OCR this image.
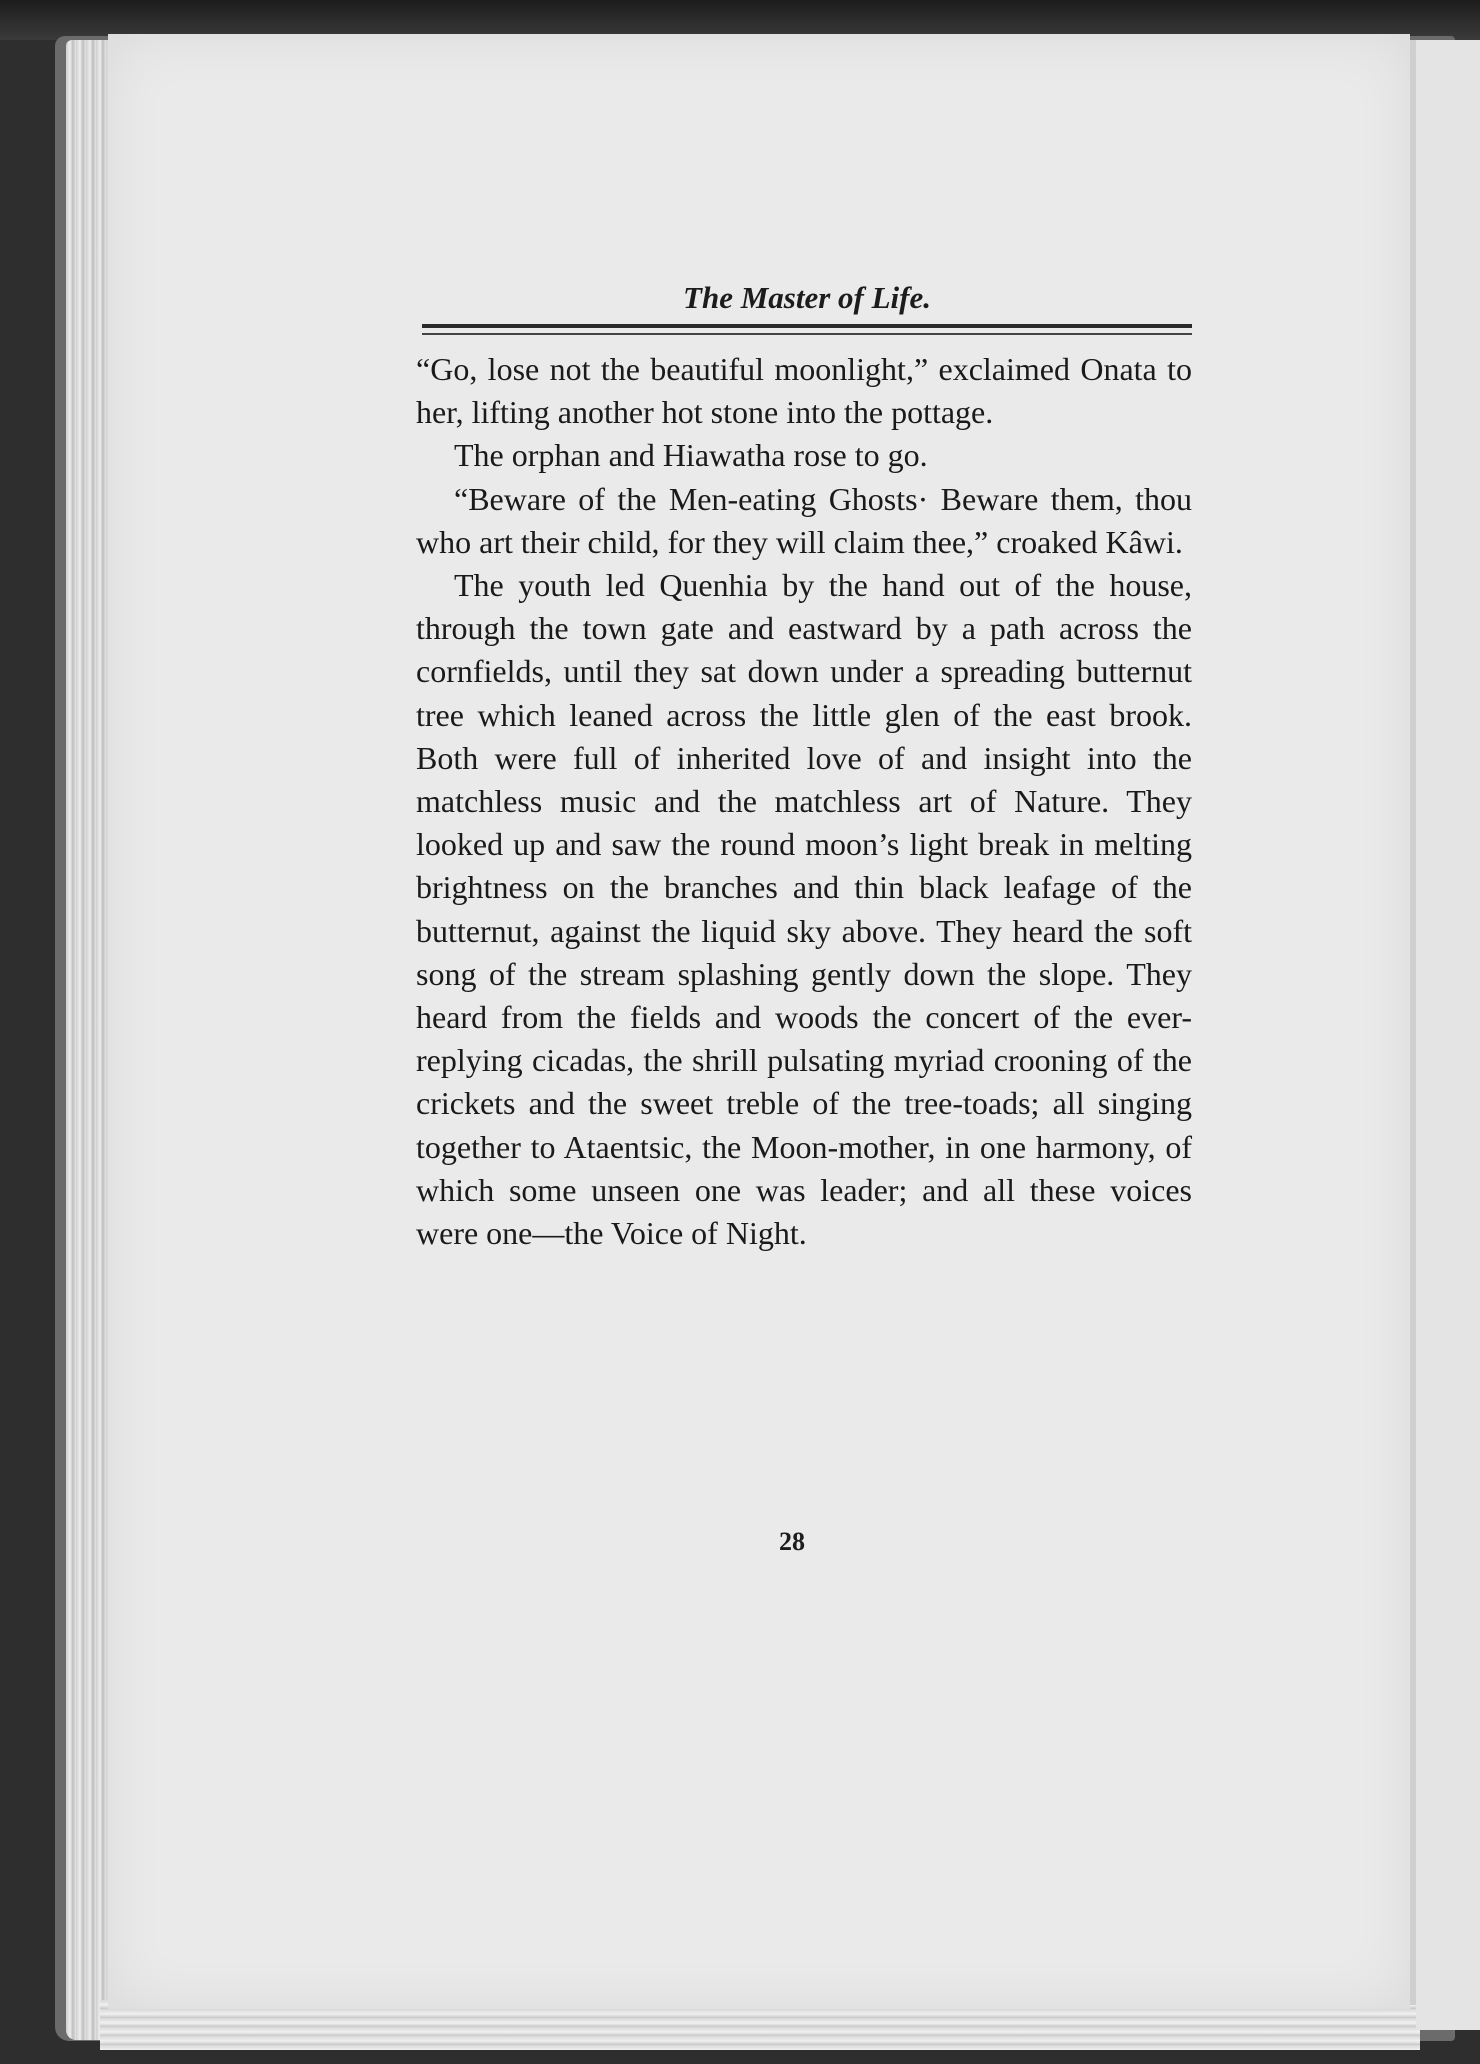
The Master of Life.

“Go, lose not the beautiful moonlight,” exclaimed Onata to her, lifting another hot stone into the pottage.

The orphan and Hiawatha rose to go.

“Beware of the Men-eating Ghosts· Beware them, thou who art their child, for they will claim thee,” croaked Kâwi.

The youth led Quenhia by the hand out of the house, through the town gate and eastward by a path across the cornfields, until they sat down under a spreading butternut tree which leaned across the little glen of the east brook. Both were full of inherited love of and insight into the matchless music and the matchless art of Nature. They looked up and saw the round moon’s light break in melting brightness on the branches and thin black leafage of the butternut, against the liquid sky above. They heard the soft song of the stream splashing gently down the slope. They heard from the fields and woods the concert of the ever-replying cicadas, the shrill pulsating myriad crooning of the crickets and the sweet treble of the tree-toads; all singing together to Ataentsic, the Moon-mother, in one harmony, of which some unseen one was leader; and all these voices were one—the Voice of Night.

28
